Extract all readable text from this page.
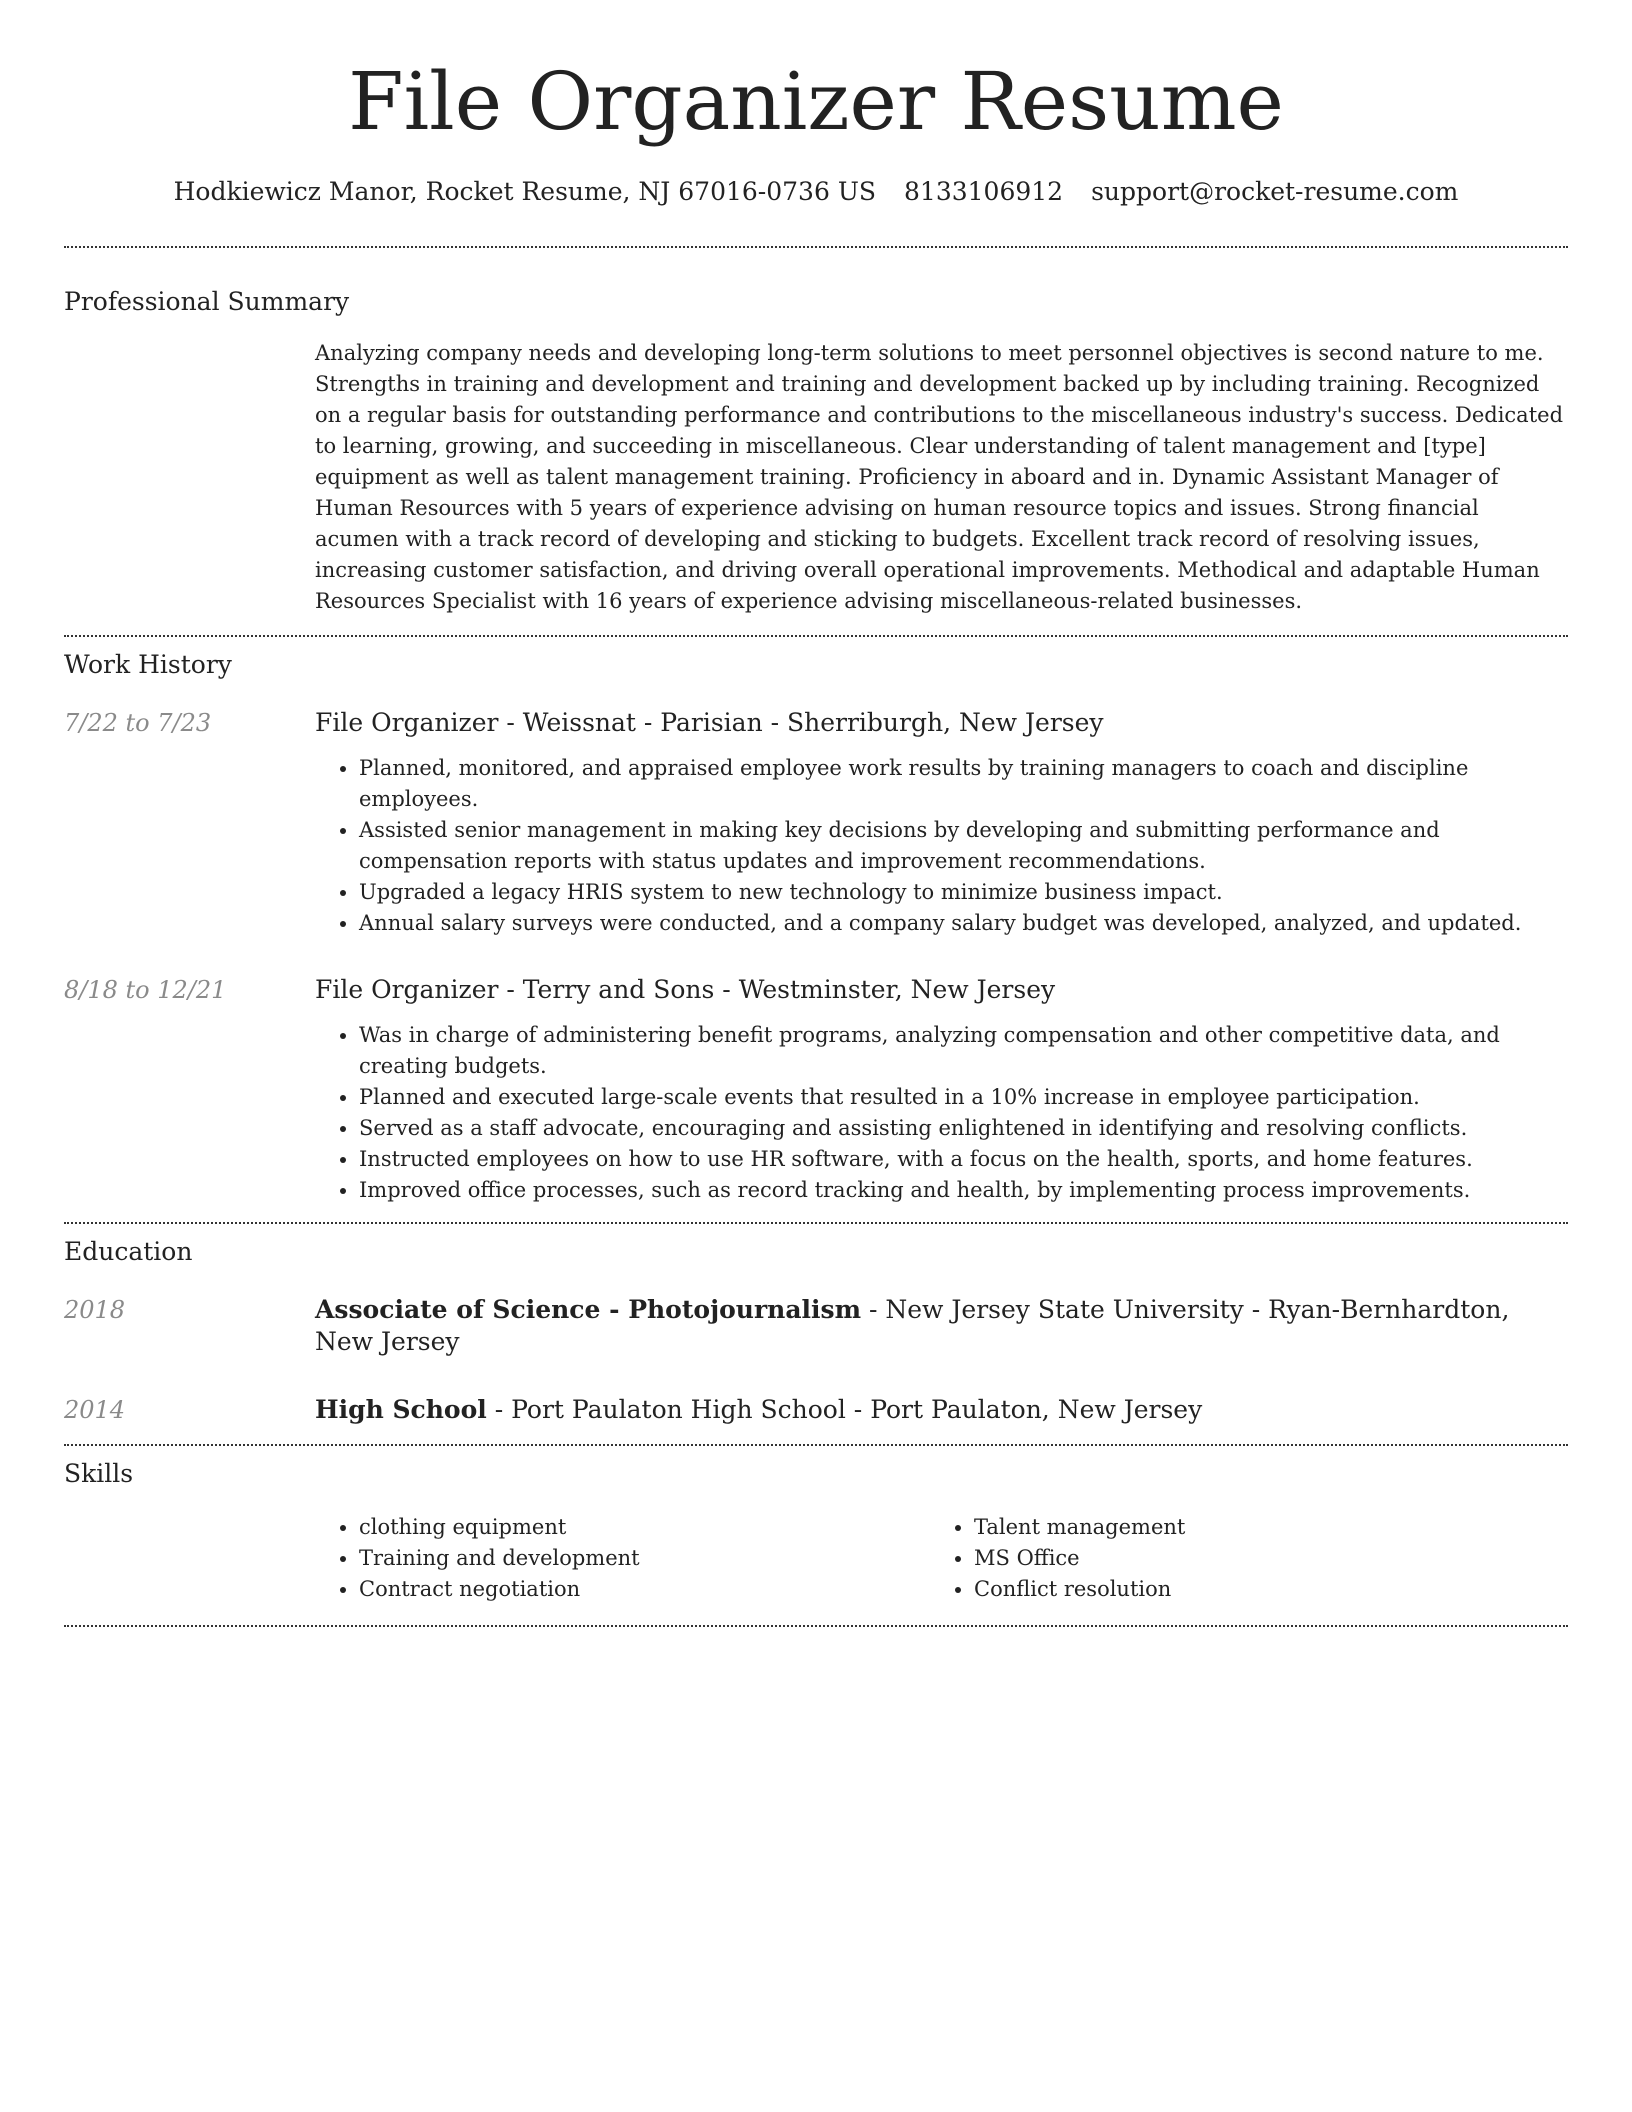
File Organizer Resume
Hodkiewicz Manor, Rocket Resume, NJ 67016-0736 US 8133106912 support@rocket-resume.com
Professional Summary

Analyzing company needs and developing long-term solutions to meet personnel objectives is second nature to me. Strengths in training and development and training and development backed up by including training. Recognized on a regular basis for outstanding performance and contributions to the miscellaneous industry's success. Dedicated to learning, growing, and succeeding in miscellaneous. Clear understanding of talent management and [type] equipment as well as talent management training. Proficiency in aboard and in. Dynamic Assistant Manager of Human Resources with 5 years of experience advising on human resource topics and issues. Strong financial acumen with a track record of developing and sticking to budgets. Excellent track record of resolving issues, increasing customer satisfaction, and driving overall operational improvements. Methodical and adaptable Human Resources Specialist with 16 years of experience advising miscellaneous-related businesses.

Work History
7/22 to 7/23	File Organizer - Weissnat - Parisian - Sherriburgh, New Jersey
• Planned, monitored, and appraised employee work results by training managers to coach and discipline employees.
• Assisted senior management in making key decisions by developing and submitting performance and compensation reports with status updates and improvement recommendations.
• Upgraded a legacy HRIS system to new technology to minimize business impact.
• Annual salary surveys were conducted, and a company salary budget was developed, analyzed, and updated.
8/18 to 12/21	File Organizer - Terry and Sons - Westminster, New Jersey
• Was in charge of administering benefit programs, analyzing compensation and other competitive data, and creating budgets.
• Planned and executed large-scale events that resulted in a 10% increase in employee participation.
• Served as a staff advocate, encouraging and assisting enlightened in identifying and resolving conflicts.
• Instructed employees on how to use HR software, with a focus on the health, sports, and home features.
• Improved office processes, such as record tracking and health, by implementing process improvements.
Education
2018	Associate of Science - Photojournalism - New Jersey State University - Ryan-Bernhardton, New Jersey
2014	High School - Port Paulaton High School - Port Paulaton, New Jersey
Skills
• clothing equipment
• Training and development
• Contract negotiation
• Talent management
• MS Office
• Conflict resolution
